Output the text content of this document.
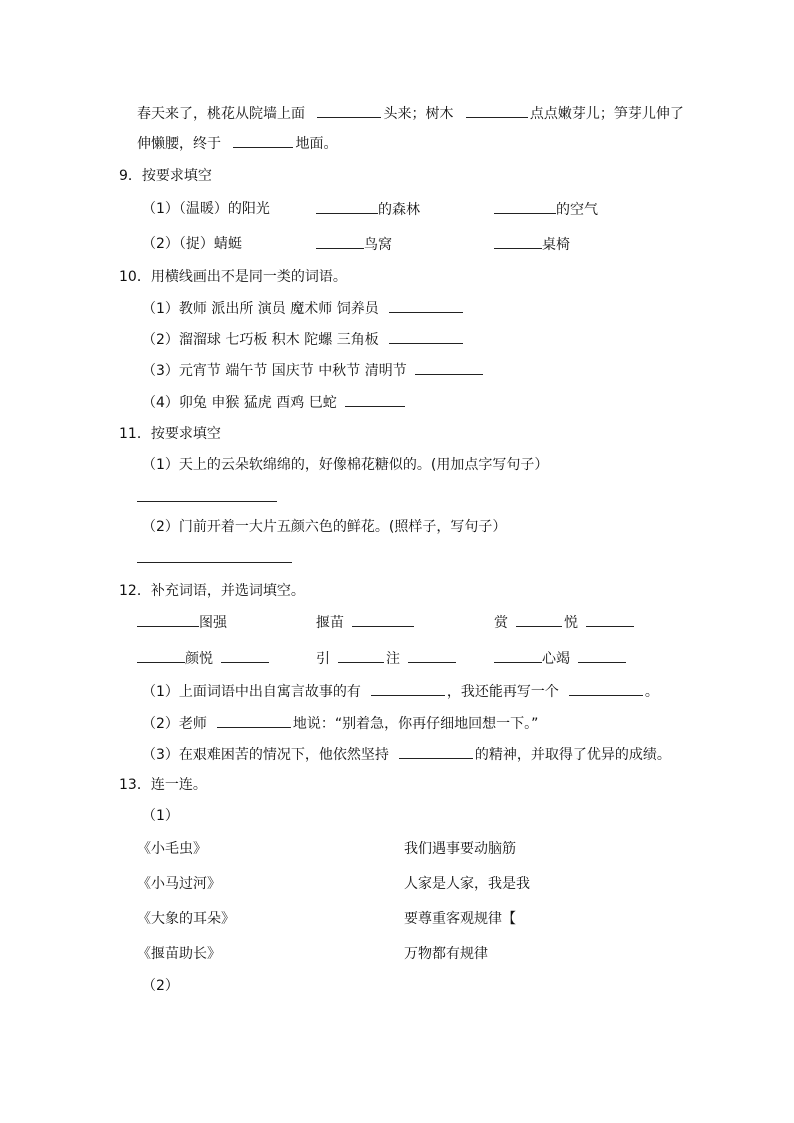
春天来了，桃花从院墙上面	头来；树木	点点嫩芽儿；笋芽儿伸了
伸懒腰，终于	地面。
9．按要求填空
（1）（温暖）的阳光	的森林	的空气
（2）（捉）蜻蜓	鸟窝	桌椅
10．用横线画出不是同一类的词语。
（1）教师 派出所 演员 魔术师 饲养员
（2）溜溜球 七巧板 积木 陀螺 三角板
（3）元宵节 端午节 国庆节 中秋节 清明节
（4）卯兔 申猴 猛虎 酉鸡 巳蛇
11．按要求填空
（1）天上的云朵软绵绵的，好像棉花糖似的。(用加点字写句子）
（2）门前开着一大片五颜六色的鲜花。(照样子，写句子）
12．补充词语，并选词填空。
图强	揠苗	赏	悦
颜悦	引	注	心竭
（1）上面词语中出自寓言故事的有	，我还能再写一个	。
（2）老师	地说：“别着急，你再仔细地回想一下。”
（3）在艰难困苦的情况下，他依然坚持	的精神，并取得了优异的成绩。
13．连一连。
（1）
《小毛虫》
《小马过河》
《大象的耳朵》
《揠苗助长》
我们遇事要动脑筋
人家是人家，我是我
要尊重客观规律【
万物都有规律
（2）
